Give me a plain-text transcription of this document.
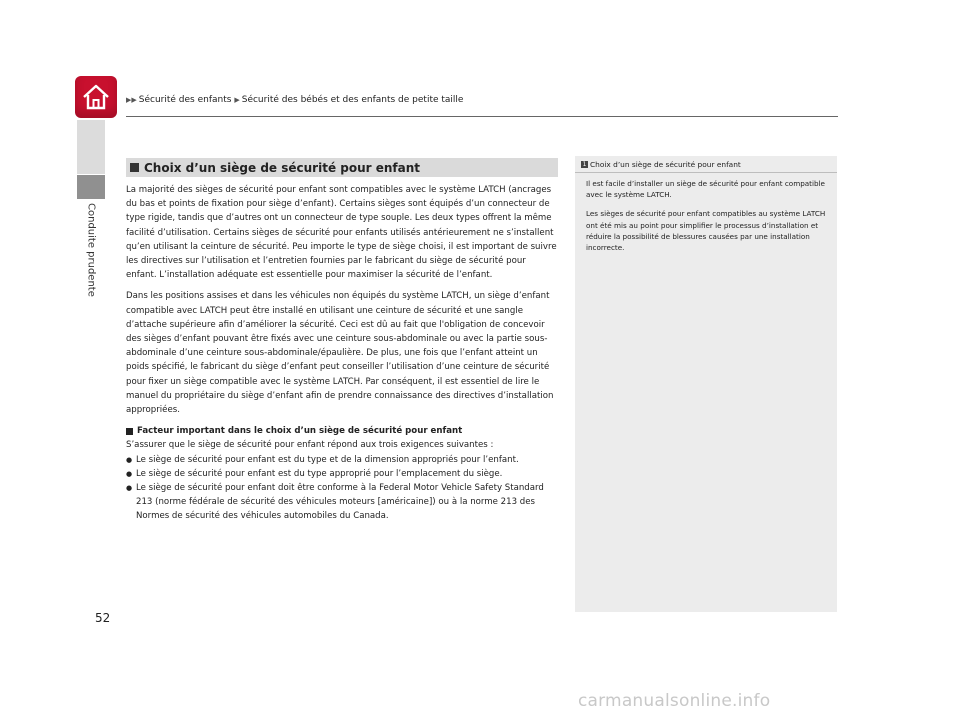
Conduite prudente
▶▶ Sécurité des enfants ▶ Sécurité des bébés et des enfants de petite taille
Choix d’un siège de sécurité pour enfant

La majorité des sièges de sécurité pour enfant sont compatibles avec le système LATCH (ancrages du bas et points de fixation pour siège d’enfant). Certains sièges sont équipés d’un connecteur de type rigide, tandis que d’autres ont un connecteur de type souple. Les deux types offrent la même facilité d’utilisation. Certains sièges de sécurité pour enfants utilisés antérieurement ne s’installent qu’en utilisant la ceinture de sécurité. Peu importe le type de siège choisi, il est important de suivre les directives sur l’utilisation et l’entretien fournies par le fabricant du siège de sécurité pour enfant. L’installation adéquate est essentielle pour maximiser la sécurité de l’enfant.

Dans les positions assises et dans les véhicules non équipés du système LATCH, un siège d’enfant compatible avec LATCH peut être installé en utilisant une ceinture de sécurité et une sangle d’attache supérieure afin d’améliorer la sécurité. Ceci est dû au fait que l'obligation de concevoir des sièges d’enfant pouvant être fixés avec une ceinture sous-abdominale ou avec la partie sous-abdominale d’une ceinture sous-abdominale/épaulière. De plus, une fois que l’enfant atteint un poids spécifié, le fabricant du siège d’enfant peut conseiller l’utilisation d’une ceinture de sécurité pour fixer un siège compatible avec le système LATCH. Par conséquent, il est essentiel de lire le manuel du propriétaire du siège d’enfant afin de prendre connaissance des directives d’installation appropriées.

Facteur important dans le choix d’un siège de sécurité pour enfant
S’assurer que le siège de sécurité pour enfant répond aux trois exigences suivantes :
● Le siège de sécurité pour enfant est du type et de la dimension appropriés pour l’enfant.
● Le siège de sécurité pour enfant est du type approprié pour l’emplacement du siège.
● Le siège de sécurité pour enfant doit être conforme à la Federal Motor Vehicle Safety Standard 213 (norme fédérale de sécurité des véhicules moteurs [américaine]) ou à la norme 213 des Normes de sécurité des véhicules automobiles du Canada.
1 Choix d’un siège de sécurité pour enfant

Il est facile d’installer un siège de sécurité pour enfant compatible avec le système LATCH.

Les sièges de sécurité pour enfant compatibles au système LATCH ont été mis au point pour simplifier le processus d’installation et réduire la possibilité de blessures causées par une installation incorrecte.

52
carmanualsonline.info
